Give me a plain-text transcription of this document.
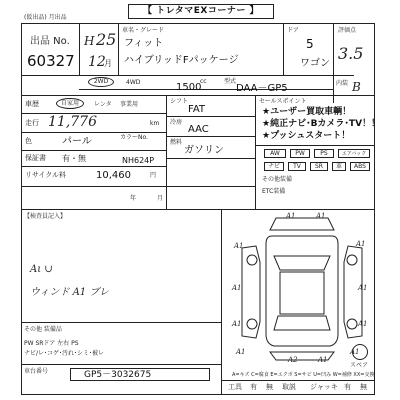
(仮出品) 月出品
【 トレタマEXコーナー 】
出品 No.
60327
H 25
12
月
車名・グレード
フィット
ハイブリッドFパッケージ
ドア
5
ワゴン
評価点
3.5
内装 B
2WD	4WD	1500
cc	型式
DAA－GP5
車歴	自家用	レンタ 事業用
走行 11,776	km
色	パール	カラーNo.
NH624P
保証書 有・無
リサイクル料	10,460	円
年	月
シフト
FAT
冷房
AAC
燃料
ガソリン
セールスポイント
★ユーザー買取車輌！
★純正ナビ･Bカメラ･TV！！
★プッシュスタート！
AW	PW	PS	エアバック
ナビ	TV	SR	革	ABS
その他装備
ETC装備
【検査員記入】
Aι ∪
ウィンド A1 ブレ
その他 装備品
PW SRドア 左右 PS
ナビ/レ･コゲ･汚れ･シミ･被レ
車台番号	GP5－3032675
A1	A1
A1	A1
A1	A1
A1	A1
A1
A2	A1
A1
スペア
A=キズ C=腐食 E=エクボ S=サビ U=凹み W=補修 XX=交換
工具 有 無 取説 ジャッキ 有 無
